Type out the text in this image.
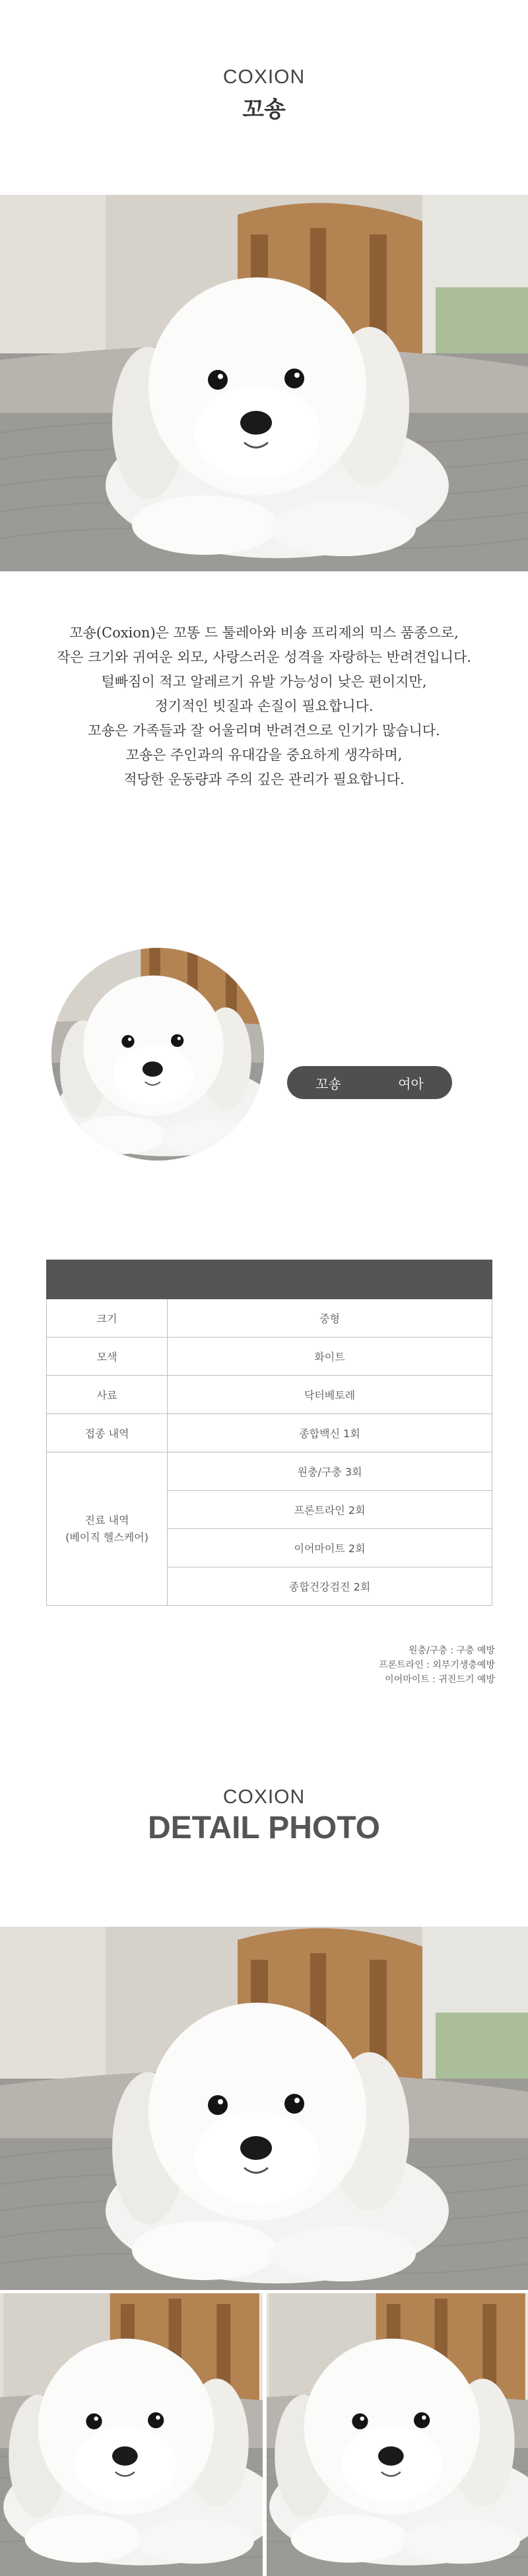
COXION
꼬숑

꼬숑(Coxion)은 꼬똥 드 툴레아와 비숑 프리제의 믹스 품종으로,

작은 크기와 귀여운 외모, 사랑스러운 성격을 자랑하는 반려견입니다.

털빠짐이 적고 알레르기 유발 가능성이 낮은 편이지만,

정기적인 빗질과 손질이 필요합니다.

꼬숑은 가족들과 잘 어울리며 반려견으로 인기가 많습니다.

꼬숑은 주인과의 유대감을 중요하게 생각하며,

적당한 운동량과 주의 깊은 관리가 필요합니다.

꼬숑	여아

크기	중형
모색	화이트
사료	닥터베토레
접종 내역	종합백신 1회

진료 내역
(베이직 헬스케어)	원충/구충 3회
	프론트라인 2회
	이어마이트 2회
	종합건강검진 2회
원충/구충 : 구충 예방
프론트라인 : 외부기생충예방
이어마이트 : 귀진드기 예방
COXION
DETAIL PHOTO
